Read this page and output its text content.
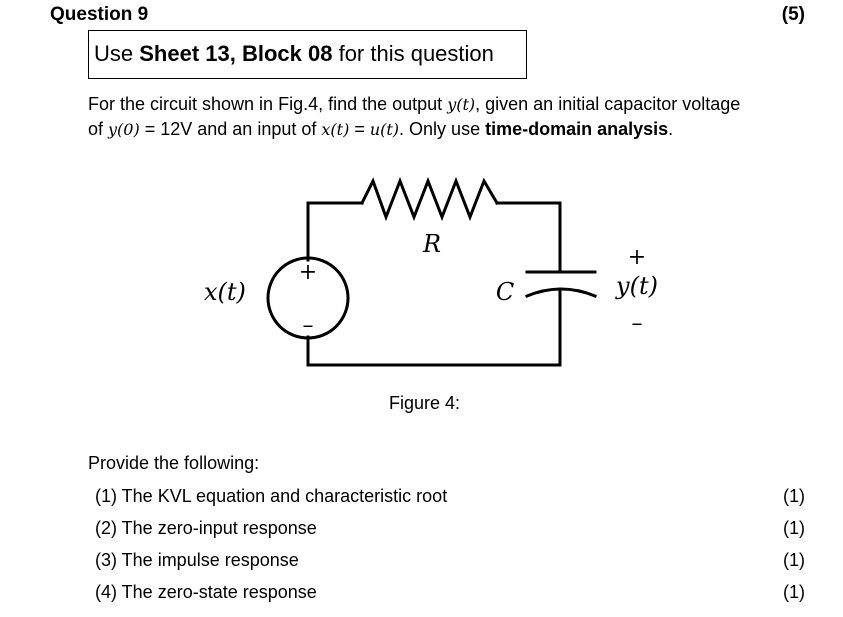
Question 9	(5)
Use Sheet 13, Block 08 for this question
For the circuit shown in Fig.4, find the output y(t), given an initial capacitor voltage
of y(0) = 12V and an input of x(t) = u(t). Only use time-domain analysis.
+
–
x(t)
R
C
+
y(t)
–
Figure 4:
Provide the following:
(1) The KVL equation and characteristic root	(1)
(2) The zero-input response	(1)
(3) The impulse response	(1)
(4) The zero-state response	(1)
